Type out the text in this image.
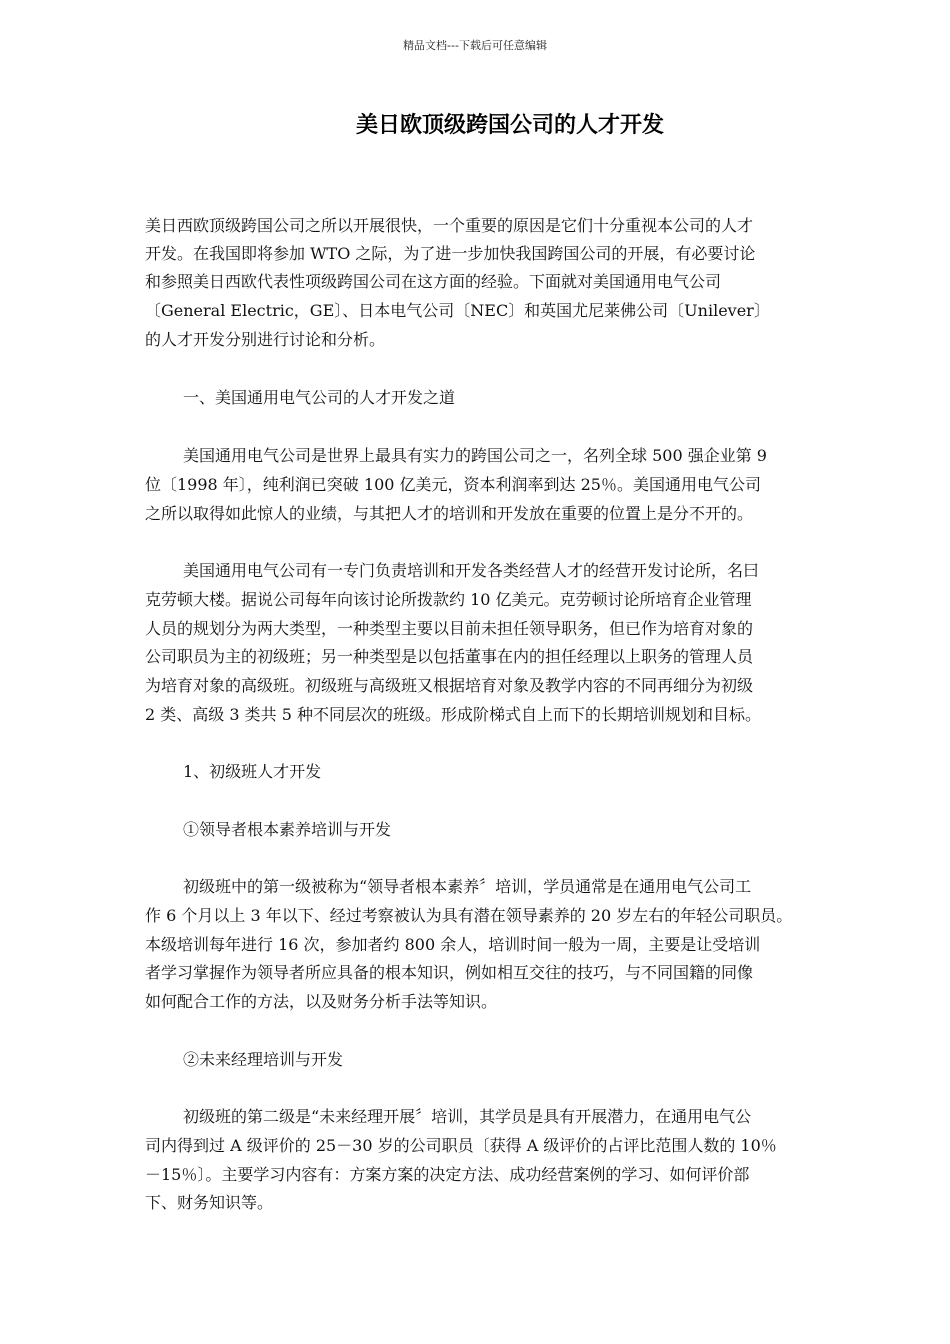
精品文档---下载后可任意编辑
美日欧顶级跨国公司的人才开发
美日西欧顶级跨国公司之所以开展很快，一个重要的原因是它们十分重视本公司的人才
开发。在我国即将参加 WTO 之际，为了进一步加快我国跨国公司的开展，有必要讨论
和参照美日西欧代表性项级跨国公司在这方面的经验。下面就对美国通用电气公司
〔General Electric，GE〕、日本电气公司〔NEC〕和英国尤尼莱佛公司〔Unilever〕
的人才开发分别进行讨论和分析。
一、美国通用电气公司的人才开发之道
美国通用电气公司是世界上最具有实力的跨国公司之一，名列全球 500 强企业第 9
位〔1998 年〕，纯利润已突破 100 亿美元，资本利润率到达 25％。美国通用电气公司
之所以取得如此惊人的业绩，与其把人才的培训和开发放在重要的位置上是分不开的。
美国通用电气公司有一专门负责培训和开发各类经营人才的经营开发讨论所，名曰
克劳顿大楼。据说公司每年向该讨论所拨款约 10 亿美元。克劳顿讨论所培育企业管理
人员的规划分为两大类型，一种类型主要以目前未担任领导职务，但已作为培育对象的
公司职员为主的初级班；另一种类型是以包括董事在内的担任经理以上职务的管理人员
为培育对象的高级班。初级班与高级班又根据培育对象及教学内容的不同再细分为初级
2 类、高级 3 类共 5 种不同层次的班级。形成阶梯式自上而下的长期培训规划和目标。
1、初级班人才开发
①领导者根本素养培训与开发
初级班中的第一级被称为“领导者根本素养〞培训，学员通常是在通用电气公司工
作 6 个月以上 3 年以下、经过考察被认为具有潜在领导素养的 20 岁左右的年轻公司职员。
本级培训每年进行 16 次，参加者约 800 余人，培训时间一般为一周，主要是让受培训
者学习掌握作为领导者所应具备的根本知识，例如相互交往的技巧，与不同国籍的同像
如何配合工作的方法，以及财务分析手法等知识。
②未来经理培训与开发
初级班的第二级是“未来经理开展〞培训，其学员是具有开展潜力，在通用电气公
司内得到过 A 级评价的 25－30 岁的公司职员〔获得 A 级评价的占评比范围人数的 10％
－15％〕。主要学习内容有：方案方案的决定方法、成功经营案例的学习、如何评价部
下、财务知识等。
